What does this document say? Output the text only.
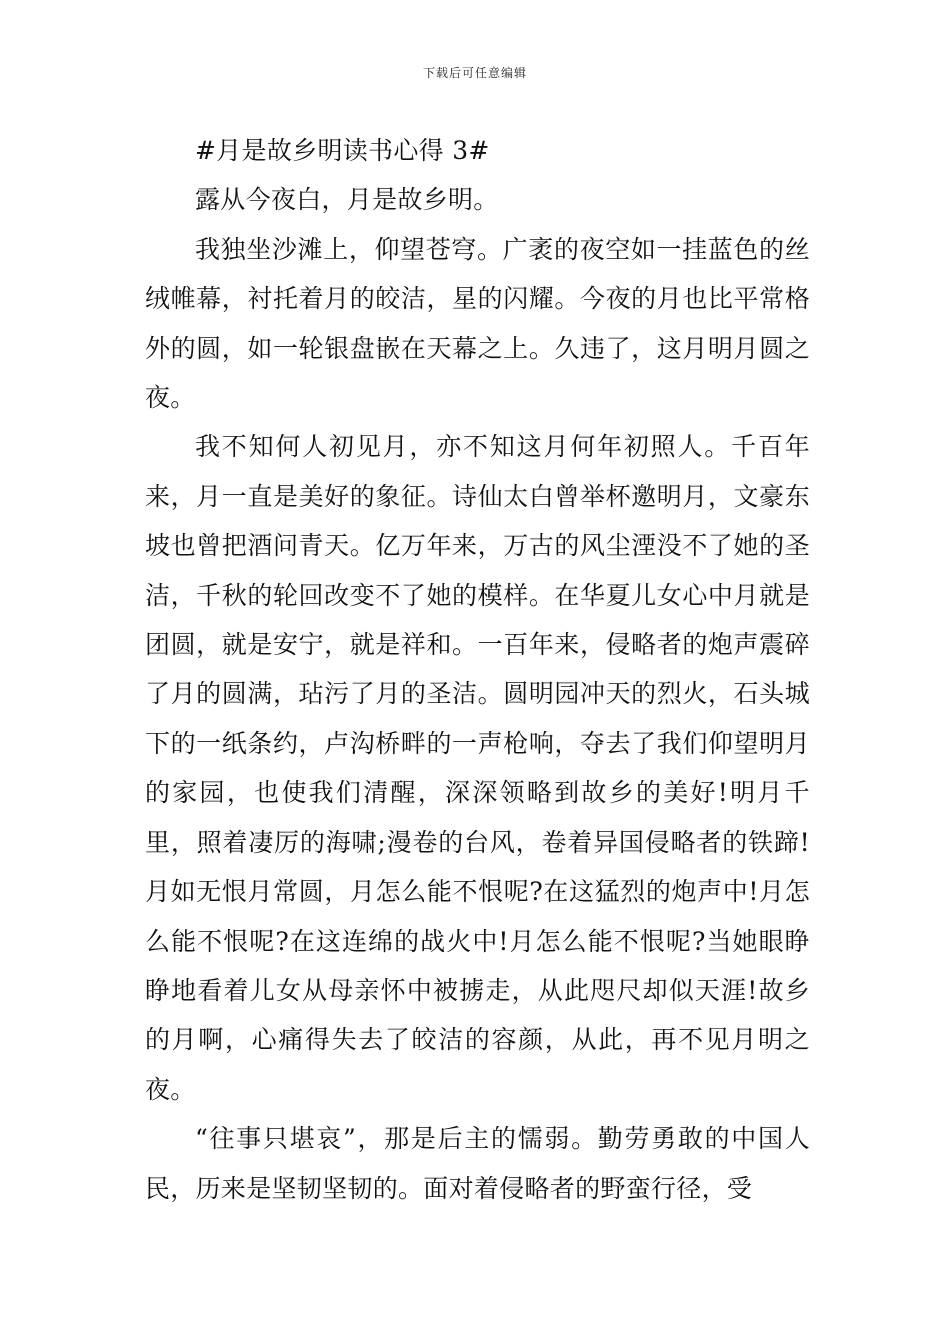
下载后可任意编辑

#月是故乡明读书心得 3#

露从今夜白，月是故乡明。

我独坐沙滩上，仰望苍穹。广袤的夜空如一挂蓝色的丝绒帷幕，衬托着月的皎洁，星的闪耀。今夜的月也比平常格外的圆，如一轮银盘嵌在天幕之上。久违了，这月明月圆之夜。

我不知何人初见月，亦不知这月何年初照人。千百年来，月一直是美好的象征。诗仙太白曾举杯邀明月，文豪东坡也曾把酒问青天。亿万年来，万古的风尘湮没不了她的圣洁，千秋的轮回改变不了她的模样。在华夏儿女心中月就是团圆，就是安宁，就是祥和。一百年来，侵略者的炮声震碎了月的圆满，玷污了月的圣洁。圆明园冲天的烈火，石头城下的一纸条约，卢沟桥畔的一声枪响，夺去了我们仰望明月的家园，也使我们清醒，深深领略到故乡的美好!明月千里，照着凄厉的海啸;漫卷的台风，卷着异国侵略者的铁蹄!月如无恨月常圆，月怎么能不恨呢?在这猛烈的炮声中!月怎么能不恨呢?在这连绵的战火中!月怎么能不恨呢?当她眼睁睁地看着儿女从母亲怀中被掳走，从此咫尺却似天涯!故乡的月啊，心痛得失去了皎洁的容颜，从此，再不见月明之夜。

“往事只堪哀”，那是后主的懦弱。勤劳勇敢的中国人民，历来是坚韧坚韧的。面对着侵略者的野蛮行径，受
